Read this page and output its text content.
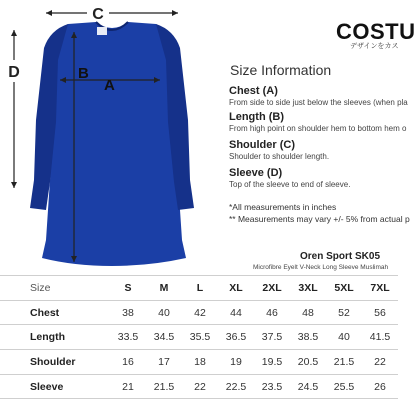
C
D	B
A
COSTU
デザインをカス
Size Information
Chest (A)
From side to side just below the sleeves (when pla
Length (B)
From high point on shoulder hem to bottom hem o
Shoulder (C)
Shoulder to shoulder length.
Sleeve (D)
Top of the sleeve to end of sleeve.
*All measurements in inches
** Measurements may vary +/- 5% from actual p
Oren Sport SK05
Microfibre Eyelt V-Neck Long Sleeve Muslimah
Size	S	M	L	XL	2XL	3XL	5XL	7XL
Chest	38	40	42	44	46	48	52	56
Length	33.5	34.5	35.5	36.5	37.5	38.5	40	41.5
Shoulder	16	17	18	19	19.5	20.5	21.5	22
Sleeve	21	21.5	22	22.5	23.5	24.5	25.5	26
